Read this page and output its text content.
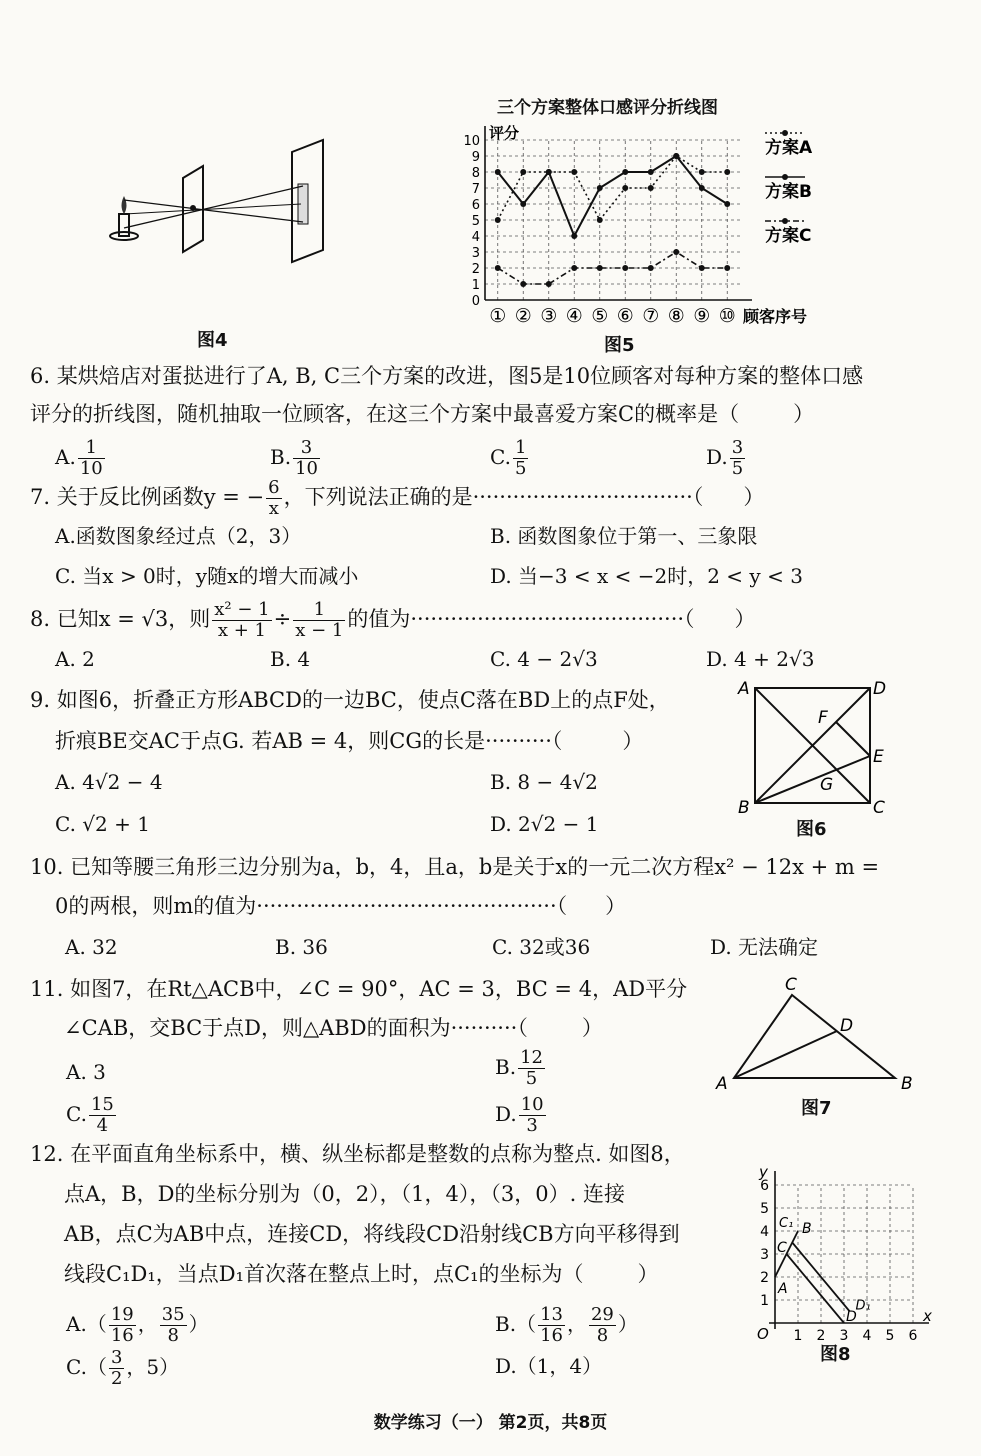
图4
三个方案整体口感评分折线图
评分
0
1
2
3
4
5
6
7
8
9
10
① ② ③ ④ ⑤ ⑥ ⑦ ⑧ ⑨ ⑩ 顾客序号
方案A
方案B
方案C
图5
6. 某烘焙店对蛋挞进行了A, B, C三个方案的改进，图5是10位顾客对每种方案的整体口感
评分的折线图，随机抽取一位顾客，在这三个方案中最喜爱方案C的概率是（	）
A. $\frac{1}{10}$	B. $\frac{3}{10}$	C. $\frac{1}{5}$	D. $\frac{3}{5}$
7. 关于反比例函数y = − $\frac{6}{x}$ ，下列说法正确的是·································（ ）
A.函数图象经过点（2，3）	B. 函数图象位于第一、三象限
C. 当x > 0时，y随x的增大而减小	D. 当−3 < x < −2时，2 < y < 3
8. 已知x = √3，则 $\frac{\text{x² − 1}}{x + 1} \div \frac{1}{x - 1}$ 的值为·········································（ ）
A. 2	B. 4	C. 4 − 2√3	D. 4 + 2√3
9. 如图6，折叠正方形ABCD的一边BC，使点C落在BD上的点F处，
折痕BE交AC于点G. 若AB = 4，则CG的长是··········（	）
A. 4√2 − 4	B. 8 − 4√2
C. √2 + 1	D. 2√2 − 1
A	D
F
E
G
B	C
图6
10. 已知等腰三角形三边分别为a，b，4，且a，b是关于x的一元二次方程x² − 12x + m =
0的两根，则m的值为·············································（ ）
A. 32	B. 36	C. 32或36	D. 无法确定
11. 如图7，在Rt△ACB中，∠C = 90°，AC = 3，BC = 4，AD平分
∠CAB，交BC于点D，则△ABD的面积为··········（	）
A. 3	B. $\frac{12}{5}$
C. $\frac{15}{4}$	D. $\frac{10}{3}$
C
D
A	B
图7
12. 在平面直角坐标系中，横、纵坐标都是整数的点称为整点. 如图8，
点A，B，D的坐标分别为（0，2），（1，4），（3，0）. 连接
AB，点C为AB中点，连接CD，将线段CD沿射线CB方向平移得到
线段C₁D₁，当点D₁首次落在整点上时，点C₁的坐标为（	）
$A.( \frac{19}{16}$ ， $\frac{35}{8}$ ）	$B.( \frac{13}{16}$ ， $\frac{29}{8}$ ）
$C.( \frac{3}{2}$ ，5）	D.（1，4）
x
y
O 1 2 3 4 5 6
1
2
3
4
5
6
A
B
C
C₁
D
D₁
图8
数学练习（一） 第2页，共8页
